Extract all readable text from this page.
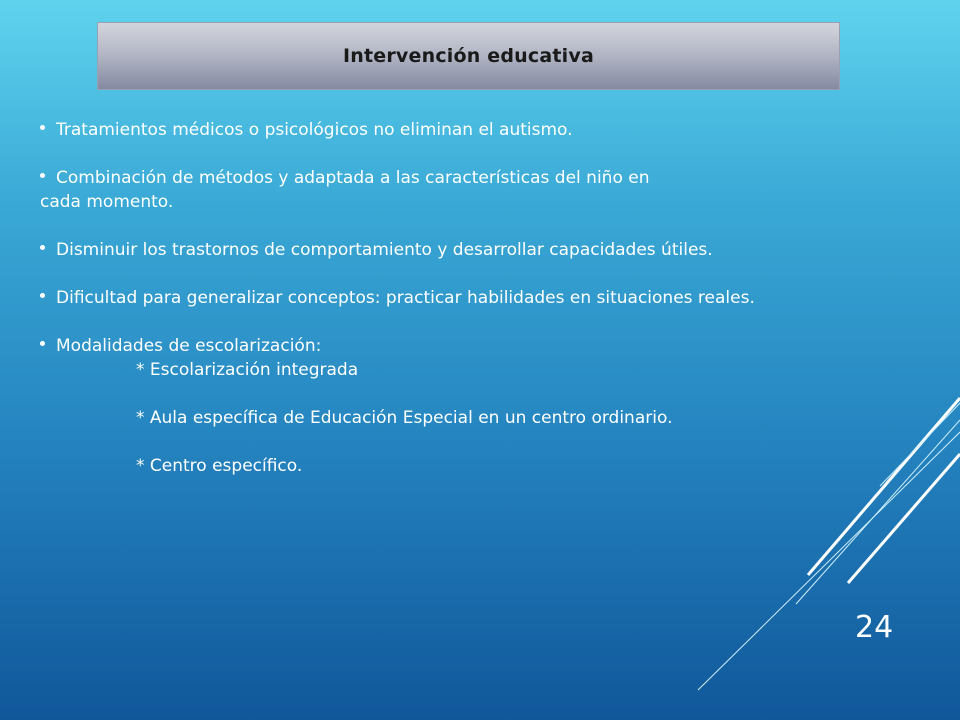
Intervención educativa
Tratamientos médicos o psicológicos no eliminan el autismo.
Combinación de métodos y adaptada a las características del niño en
cada momento.
Disminuir los trastornos de comportamiento y desarrollar capacidades útiles.
Dificultad para generalizar conceptos: practicar habilidades en situaciones reales.
Modalidades de escolarización:
* Escolarización integrada
* Aula específica de Educación Especial en un centro ordinario.
* Centro específico.
24
